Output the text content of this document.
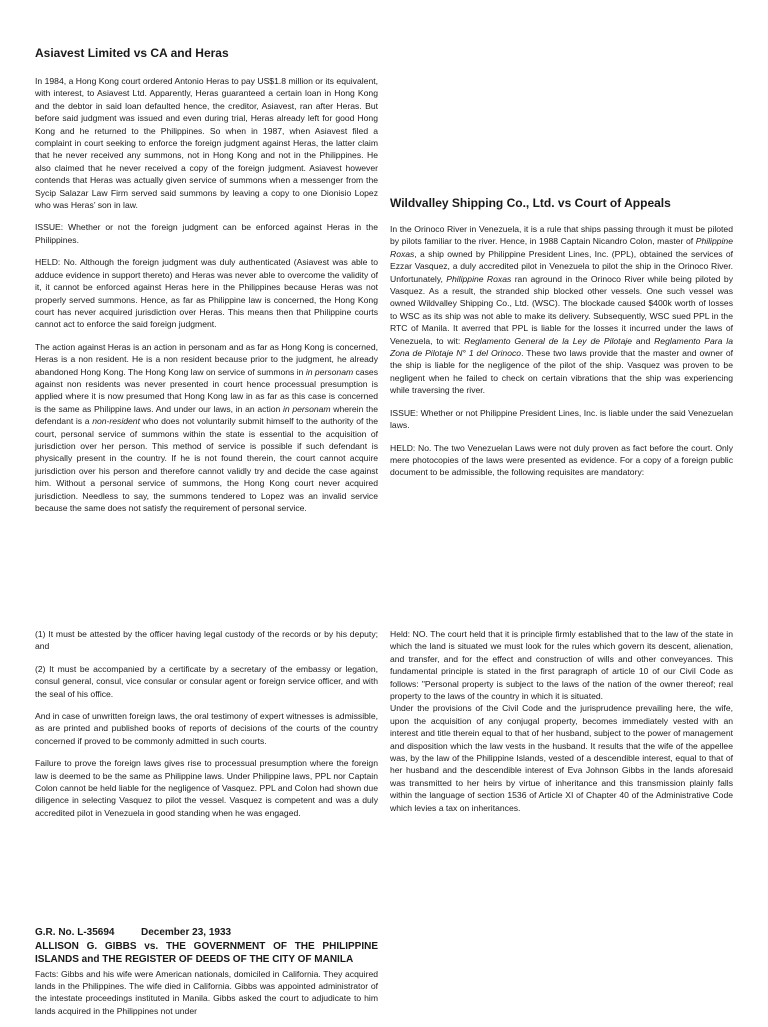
Asiavest Limited vs CA and Heras

In 1984, a Hong Kong court ordered Antonio Heras to pay US$1.8 million or its equivalent, with interest, to Asiavest Ltd. Apparently, Heras guaranteed a certain loan in Hong Kong and the debtor in said loan defaulted hence, the creditor, Asiavest, ran after Heras. But before said judgment was issued and even during trial, Heras already left for good Hong Kong and he returned to the Philippines. So when in 1987, when Asiavest filed a complaint in court seeking to enforce the foreign judgment against Heras, the latter claim that he never received any summons, not in Hong Kong and not in the Philippines. He also claimed that he never received a copy of the foreign judgment. Asiavest however contends that Heras was actually given service of summons when a messenger from the Sycip Salazar Law Firm served said summons by leaving a copy to one Dionisio Lopez who was Heras’ son in law.

ISSUE: Whether or not the foreign judgment can be enforced against Heras in the Philippines.

HELD: No. Although the foreign judgment was duly authenticated (Asiavest was able to adduce evidence in support thereto) and Heras was never able to overcome the validity of it, it cannot be enforced against Heras here in the Philippines because Heras was not properly served summons. Hence, as far as Philippine law is concerned, the Hong Kong court has never acquired jurisdiction over Heras. This means then that Philippine courts cannot act to enforce the said foreign judgment.

The action against Heras is an action in personam and as far as Hong Kong is concerned, Heras is a non resident. He is a non resident because prior to the judgment, he already abandoned Hong Kong. The Hong Kong law on service of summons in in personam cases against non residents was never presented in court hence processual presumption is applied where it is now presumed that Hong Kong law in as far as this case is concerned is the same as Philippine laws. And under our laws, in an action in personam wherein the defendant is a non-resident who does not voluntarily submit himself to the authority of the court, personal service of summons within the state is essential to the acquisition of jurisdiction over her person. This method of service is possible if such defendant is physically present in the country. If he is not found therein, the court cannot acquire jurisdiction over his person and therefore cannot validly try and decide the case against him. Without a personal service of summons, the Hong Kong court never acquired jurisdiction. Needless to say, the summons tendered to Lopez was an invalid service because the same does not satisfy the requirement of personal service.

Wildvalley Shipping Co., Ltd. vs Court of Appeals

In the Orinoco River in Venezuela, it is a rule that ships passing through it must be piloted by pilots familiar to the river. Hence, in 1988 Captain Nicandro Colon, master of Philippine Roxas, a ship owned by Philippine President Lines, Inc. (PPL), obtained the services of Ezzar Vasquez, a duly accredited pilot in Venezuela to pilot the ship in the Orinoco River. Unfortunately, Philippine Roxas ran aground in the Orinoco River while being piloted by Vasquez. As a result, the stranded ship blocked other vessels. One such vessel was owned Wildvalley Shipping Co., Ltd. (WSC). The blockade caused $400k worth of losses to WSC as its ship was not able to make its delivery. Subsequently, WSC sued PPL in the RTC of Manila. It averred that PPL is liable for the losses it incurred under the laws of Venezuela, to wit: Reglamento General de la Ley de Pilotaje and Reglamento Para la Zona de Pilotaje N° 1 del Orinoco. These two laws provide that the master and owner of the ship is liable for the negligence of the pilot of the ship. Vasquez was proven to be negligent when he failed to check on certain vibrations that the ship was experiencing while traversing the river.

ISSUE: Whether or not Philippine President Lines, Inc. is liable under the said Venezuelan laws.

HELD: No. The two Venezuelan Laws were not duly proven as fact before the court. Only mere photocopies of the laws were presented as evidence. For a copy of a foreign public document to be admissible, the following requisites are mandatory:

(1) It must be attested by the officer having legal custody of the records or by his deputy; and

(2) It must be accompanied by a certificate by a secretary of the embassy or legation, consul general, consul, vice consular or consular agent or foreign service officer, and with the seal of his office.

And in case of unwritten foreign laws, the oral testimony of expert witnesses is admissible, as are printed and published books of reports of decisions of the courts of the country concerned if proved to be commonly admitted in such courts.

Failure to prove the foreign laws gives rise to processual presumption where the foreign law is deemed to be the same as Philippine laws. Under Philippine laws, PPL nor Captain Colon cannot be held liable for the negligence of Vasquez. PPL and Colon had shown due diligence in selecting Vasquez to pilot the vessel. Vasquez is competent and was a duly accredited pilot in Venezuela in good standing when he was engaged.

Held: NO. The court held that it is principle firmly established that to the law of the state in which the land is situated we must look for the rules which govern its descent, alienation, and transfer, and for the effect and construction of wills and other conveyances. This fundamental principle is stated in the first paragraph of article 10 of our Civil Code as follows: "Personal property is subject to the laws of the nation of the owner thereof; real property to the laws of the country in which it is situated.

Under the provisions of the Civil Code and the jurisprudence prevailing here, the wife, upon the acquisition of any conjugal property, becomes immediately vested with an interest and title therein equal to that of her husband, subject to the power of management and disposition which the law vests in the husband. It results that the wife of the appellee was, by the law of the Philippine Islands, vested of a descendible interest, equal to that of her husband and the descendible interest of Eva Johnson Gibbs in the lands aforesaid was transmitted to her heirs by virtue of inheritance and this transmission plainly falls within the language of section 1536 of Article XI of Chapter 40 of the Administrative Code which levies a tax on inheritances.

G.R. No. L-35694	December 23, 1933

ALLISON G. GIBBS vs. THE GOVERNMENT OF THE PHILIPPINE ISLANDS and THE REGISTER OF DEEDS OF THE CITY OF MANILA

Facts: Gibbs and his wife were American nationals, domiciled in California. They acquired lands in the Philippines. The wife died in California. Gibbs was appointed administrator of the intestate proceedings instituted in Manila. Gibbs asked the court to adjudicate to him lands acquired in the Philippines not under
